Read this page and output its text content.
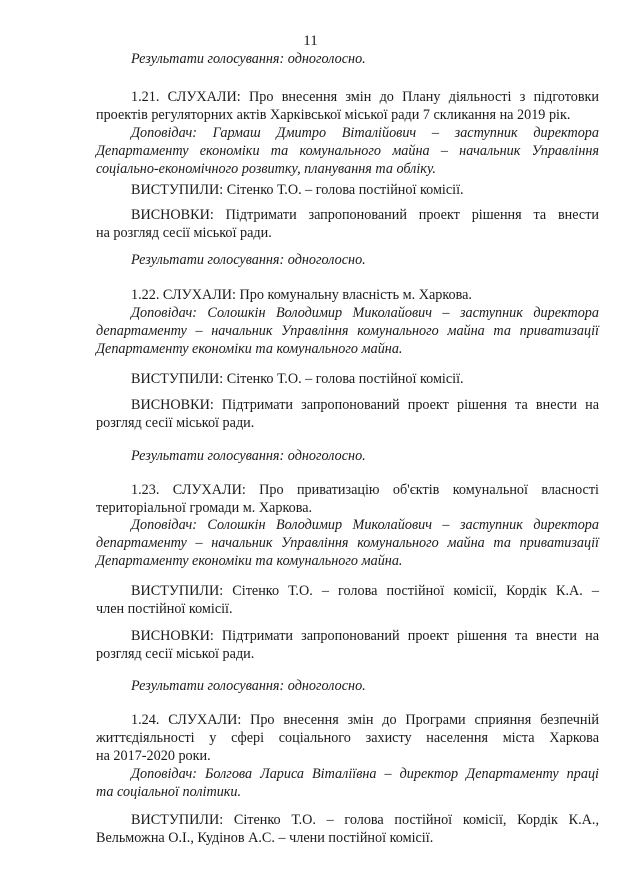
11
Результати голосування: одноголосно.
1.21. СЛУХАЛИ: Про внесення змін до Плану діяльності з підготовки
проектів регуляторних актів Харківської міської ради 7 скликання на 2019 рік.
Доповідач: Гармаш Дмитро Віталійович – заступник директора
Департаменту економіки та комунального майна – начальник Управління
соціально-економічного розвитку, планування та обліку.
ВИСТУПИЛИ: Сітенко Т.О. – голова постійної комісії.
ВИСНОВКИ: Підтримати запропонований проект рішення та внести
на розгляд сесії міської ради.
Результати голосування: одноголосно.
1.22. СЛУХАЛИ: Про комунальну власність м. Харкова.
Доповідач: Солошкін Володимир Миколайович – заступник директора
департаменту – начальник Управління комунального майна та приватизації
Департаменту економіки та комунального майна.
ВИСТУПИЛИ: Сітенко Т.О. – голова постійної комісії.
ВИСНОВКИ: Підтримати запропонований проект рішення та внести на
розгляд сесії міської ради.
Результати голосування: одноголосно.
1.23. СЛУХАЛИ: Про приватизацію об'єктів комунальної власності
територіальної громади м. Харкова.
Доповідач: Солошкін Володимир Миколайович – заступник директора
департаменту – начальник Управління комунального майна та приватизації
Департаменту економіки та комунального майна.
ВИСТУПИЛИ: Сітенко Т.О. – голова постійної комісії, Кордік К.А. –
член постійної комісії.
ВИСНОВКИ: Підтримати запропонований проект рішення та внести на
розгляд сесії міської ради.
Результати голосування: одноголосно.
1.24. СЛУХАЛИ: Про внесення змін до Програми сприяння безпечній
життєдіяльності у сфері соціального захисту населення міста Харкова
на 2017-2020 роки.
Доповідач: Болгова Лариса Віталіївна – директор Департаменту праці
та соціальної політики.
ВИСТУПИЛИ: Сітенко Т.О. – голова постійної комісії, Кордік К.А.,
Вельможна О.І., Кудінов А.С. – члени постійної комісії.
